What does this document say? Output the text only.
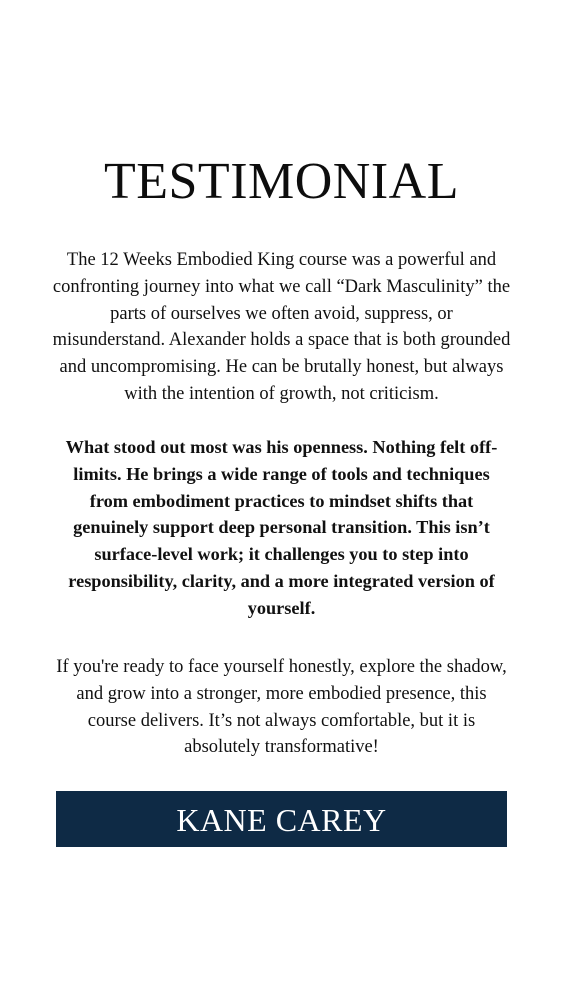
TESTIMONIAL

The 12 Weeks Embodied King course was a powerful and confronting journey into what we call “Dark Masculinity” the parts of ourselves we often avoid, suppress, or misunderstand. Alexander holds a space that is both grounded and uncompromising. He can be brutally honest, but always with the intention of growth, not criticism.

What stood out most was his openness. Nothing felt off-limits. He brings a wide range of tools and techniques from embodiment practices to mindset shifts that genuinely support deep personal transition. This isn’t surface-level work; it challenges you to step into responsibility, clarity, and a more integrated version of yourself.

If you're ready to face yourself honestly, explore the shadow, and grow into a stronger, more embodied presence, this course delivers. It’s not always comfortable, but it is absolutely transformative!

KANE CAREY
